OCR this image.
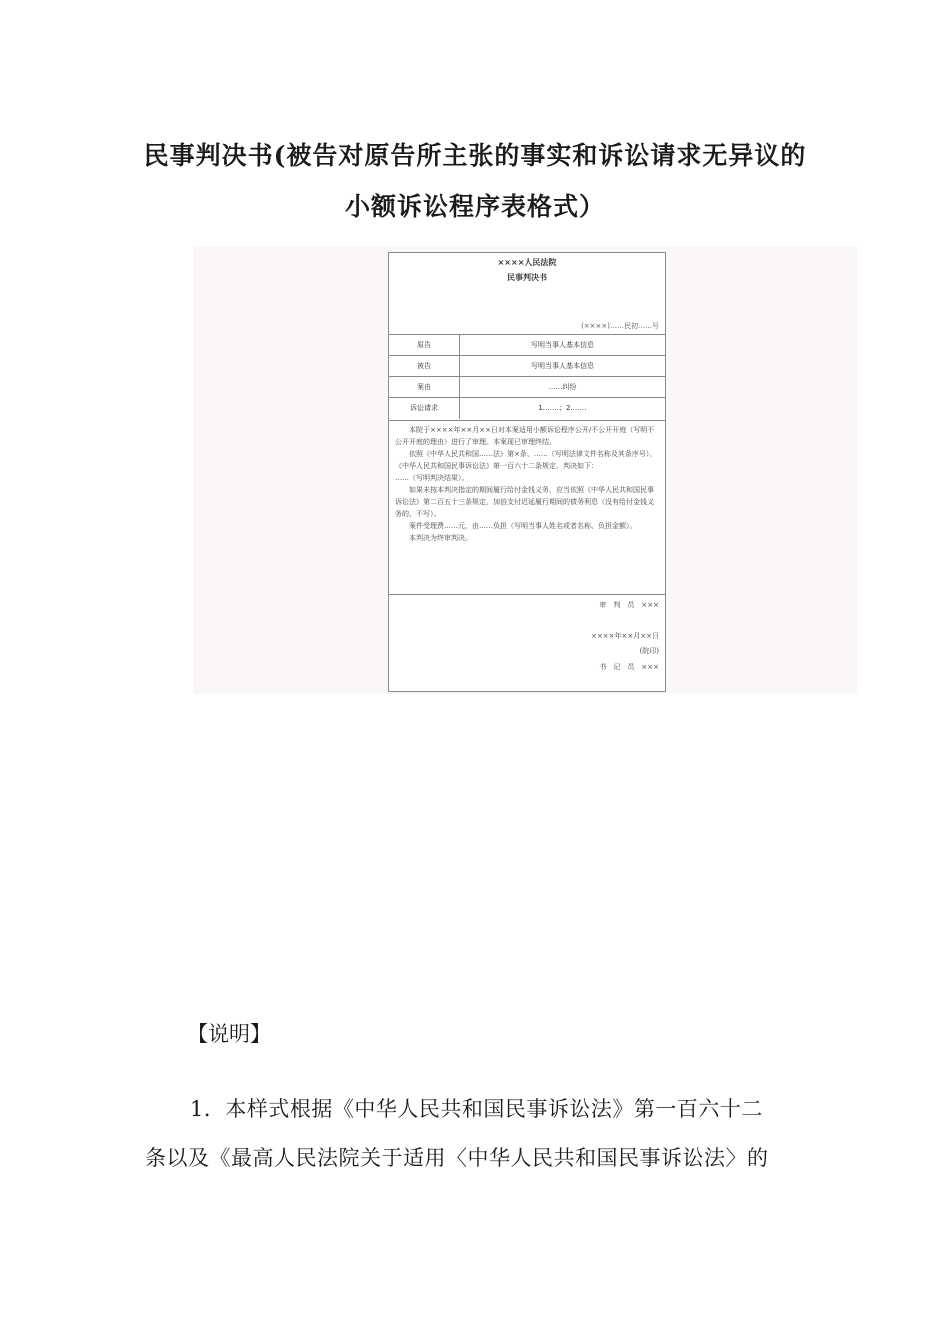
民事判决书(被告对原告所主张的事实和诉讼请求无异议的
小额诉讼程序表格式）
××××人民法院
民事判决书
(××××)……民初……号
原告	写明当事人基本信息
被告	写明当事人基本信息
案由	……纠纷
诉讼请求	1.……；2.……

本院于××××年××月××日对本案适用小额诉讼程序公开/不公开开庭（写明不公开开庭的理由）进行了审理。本案现已审理终结。

依照《中华人民共和国……法》第×条、……（写明法律文件名称及其条序号）、《中华人民共和国民事诉讼法》第一百六十二条规定，判决如下：

……（写明判决结果）。

如果未按本判决指定的期间履行给付金钱义务，应当依照《中华人民共和国民事诉讼法》第二百五十三条规定，加倍支付迟延履行期间的债务利息（没有给付金钱义务的，不写）。

案件受理费……元，由……负担（写明当事人姓名或者名称、负担金额）。

本判决为终审判决。

审　判　员　×××
××××年××月××日
(院印)
书　记　员　×××
【说明】
1．本样式根据《中华人民共和国民事诉讼法》第一百六十二
条以及《最高人民法院关于适用〈中华人民共和国民事诉讼法〉的
